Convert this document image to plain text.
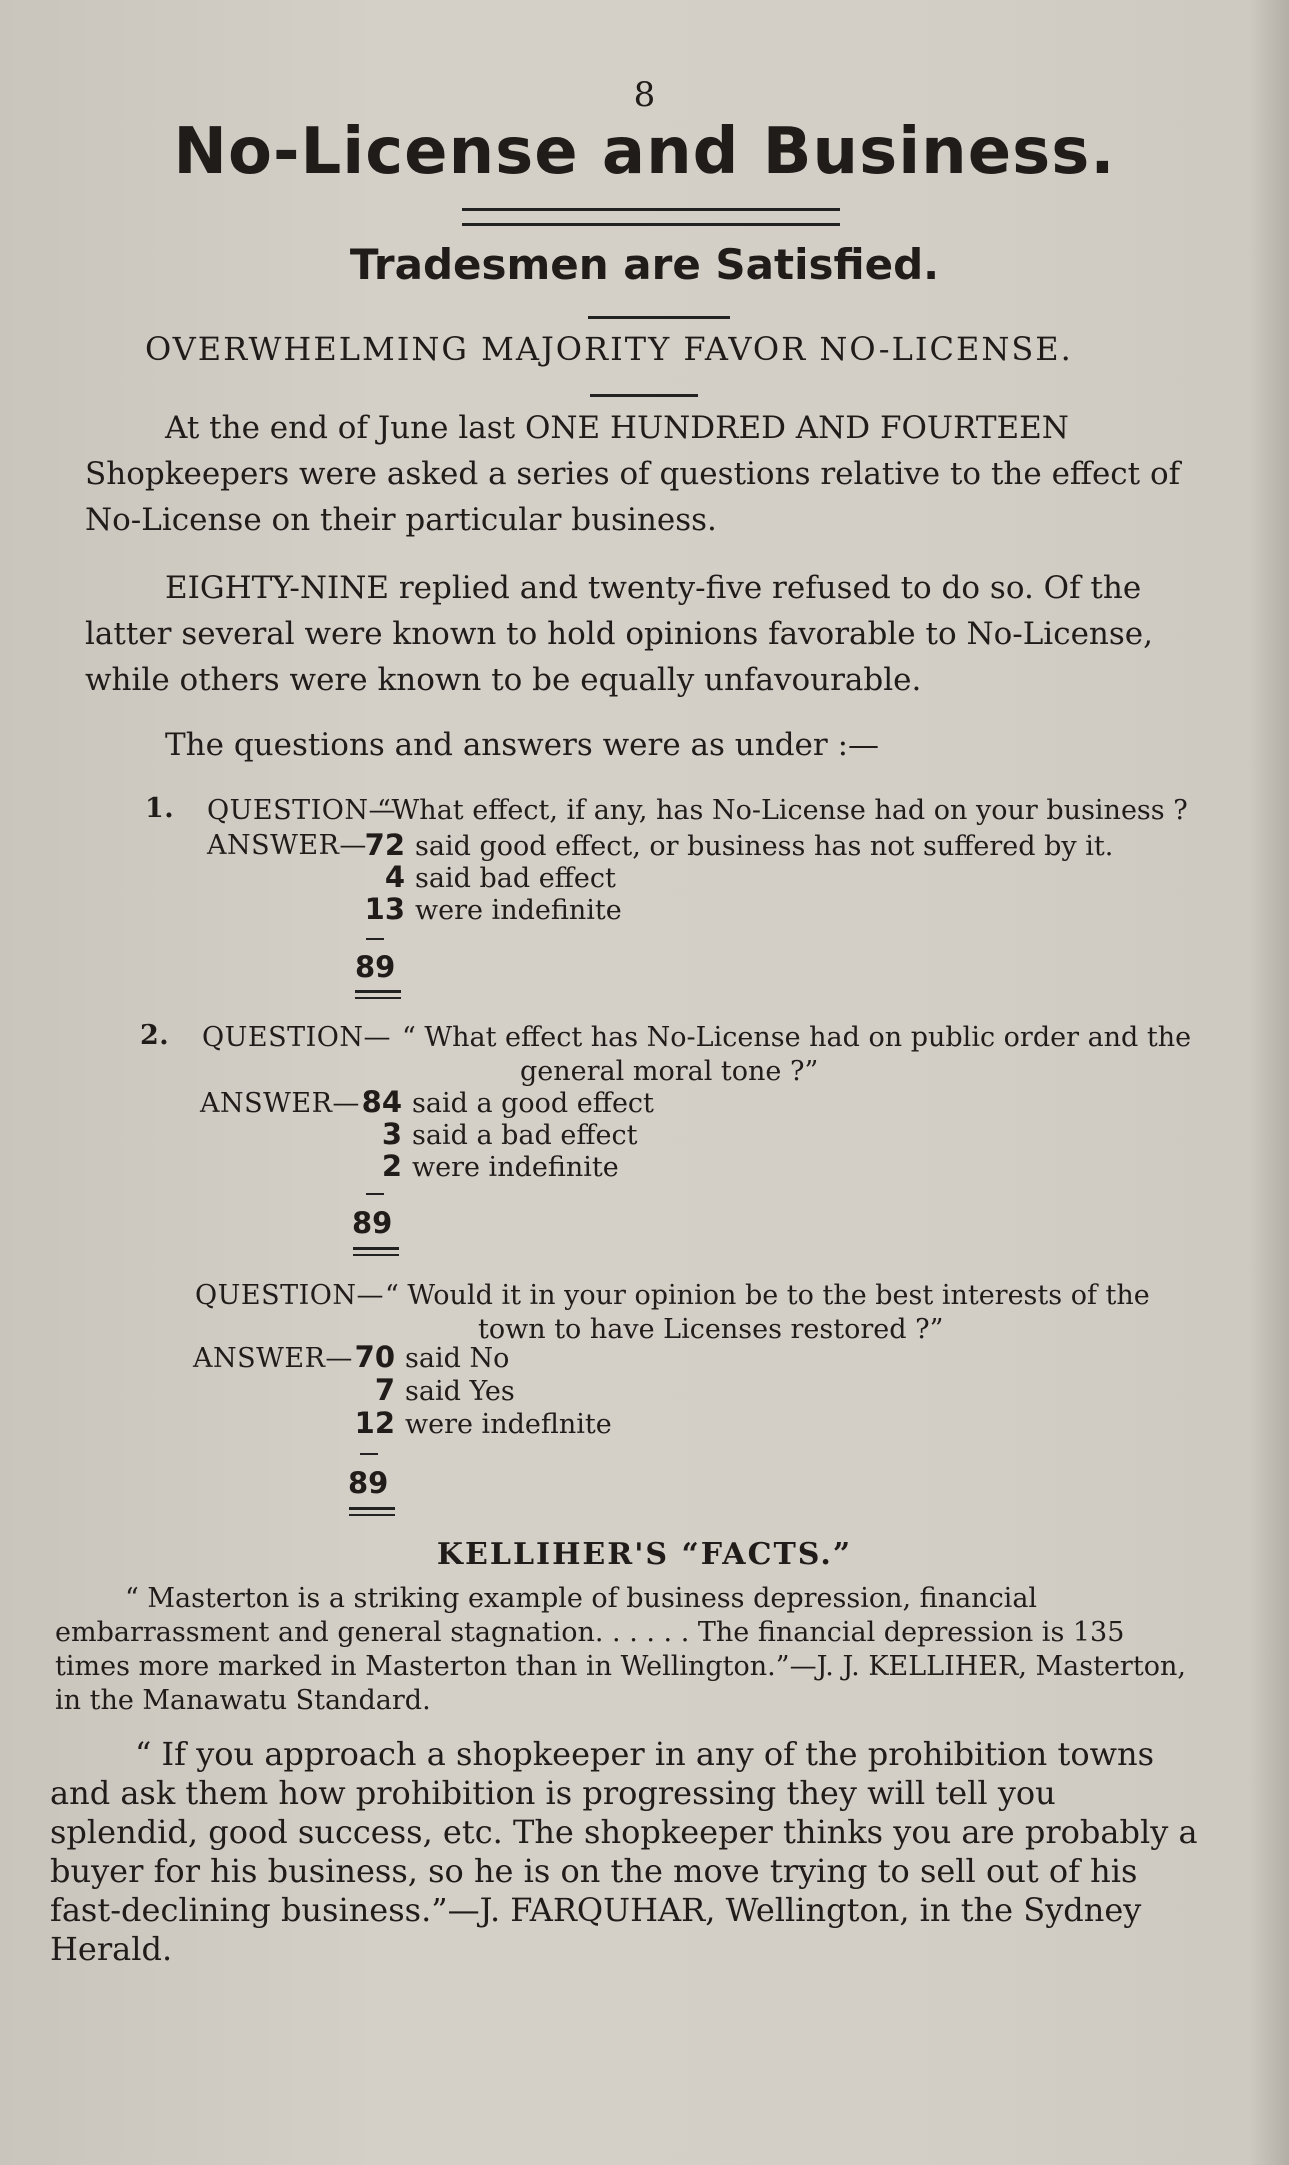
8
No-License and Business.
Tradesmen are Satisfied.
OVERWHELMING MAJORITY FAVOR NO-LICENSE.
At the end of June last ONE HUNDRED AND FOURTEEN Shopkeepers were asked a series of questions relative to the effect of No-License on their particular business.
EIGHTY-NINE replied and twenty-five refused to do so. Of the latter several were known to hold opinions favorable to No-License, while others were known to be equally unfavourable.
The questions and answers were as under :—
1. QUESTION—
“What effect, if any, has No-License had on your business ?
ANSWER—
72 said good effect, or business has not suffered by it.
4 said bad effect
13 were indefinite
89
2. QUESTION— “ What effect has No-License had on public order and the
general moral tone ?”
ANSWER— 84 said a good effect
3 said a bad effect
2 were indefinite
89
QUESTION— “ Would it in your opinion be to the best interests of the
town to have Licenses restored ?”
ANSWER— 70 said No
7 said Yes
12 were indeflnite
89
KELLIHER'S “FACTS.”
“ Masterton is a striking example of business depression, financial embarrassment and general stagnation. . . . . . The financial depression is 135 times more marked in Masterton than in Wellington.”—J. J. KELLIHER, Masterton, in the Manawatu Standard.
“ If you approach a shopkeeper in any of the prohibition towns and ask them how prohibition is progressing they will tell you splendid, good success, etc. The shopkeeper thinks you are probably a buyer for his business, so he is on the move trying to sell out of his fast-declining business.”—J. FARQUHAR, Wellington, in the Sydney Herald.
